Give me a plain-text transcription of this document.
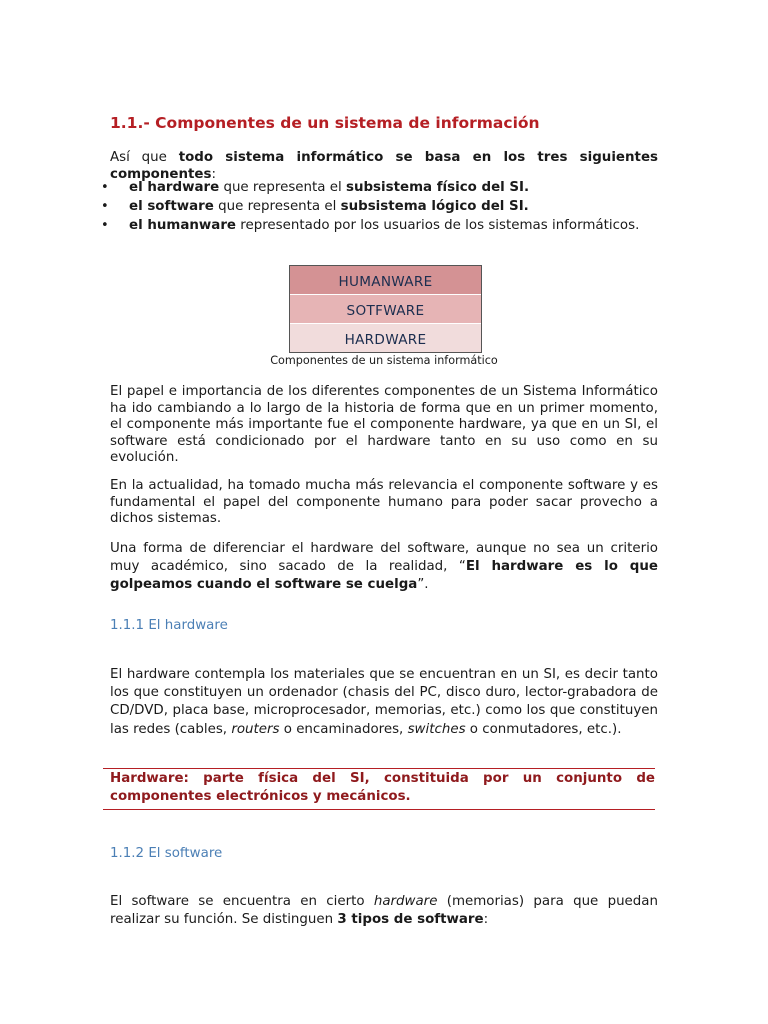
1.1.- Componentes de un sistema de información
Así que todo sistema informático se basa en los tres siguientes componentes:
• el hardware que representa el subsistema físico del SI.
• el software que representa el subsistema lógico del SI.
• el humanware representado por los usuarios de los sistemas informáticos.
HUMANWARE
SOTFWARE
HARDWARE
Componentes de un sistema informático
El papel e importancia de los diferentes componentes de un Sistema Informático ha ido cambiando a lo largo de la historia de forma que en un primer momento, el componente más importante fue el componente hardware, ya que en un SI, el software está condicionado por el hardware tanto en su uso como en su evolución.
En la actualidad, ha tomado mucha más relevancia el componente software y es fundamental el papel del componente humano para poder sacar provecho a dichos sistemas.
Una forma de diferenciar el hardware del software, aunque no sea un criterio muy académico, sino sacado de la realidad, “El hardware es lo que golpeamos cuando el software se cuelga”.
1.1.1 El hardware
El hardware contempla los materiales que se encuentran en un SI, es decir tanto los que constituyen un ordenador (chasis del PC, disco duro, lector-grabadora de CD/DVD, placa base, microprocesador, memorias, etc.) como los que constituyen las redes (cables, routers o encaminadores, switches o conmutadores, etc.).
Hardware: parte física del SI, constituida por un conjunto de componentes electrónicos y mecánicos.
1.1.2 El software
El software se encuentra en cierto hardware (memorias) para que puedan realizar su función. Se distinguen 3 tipos de software:
